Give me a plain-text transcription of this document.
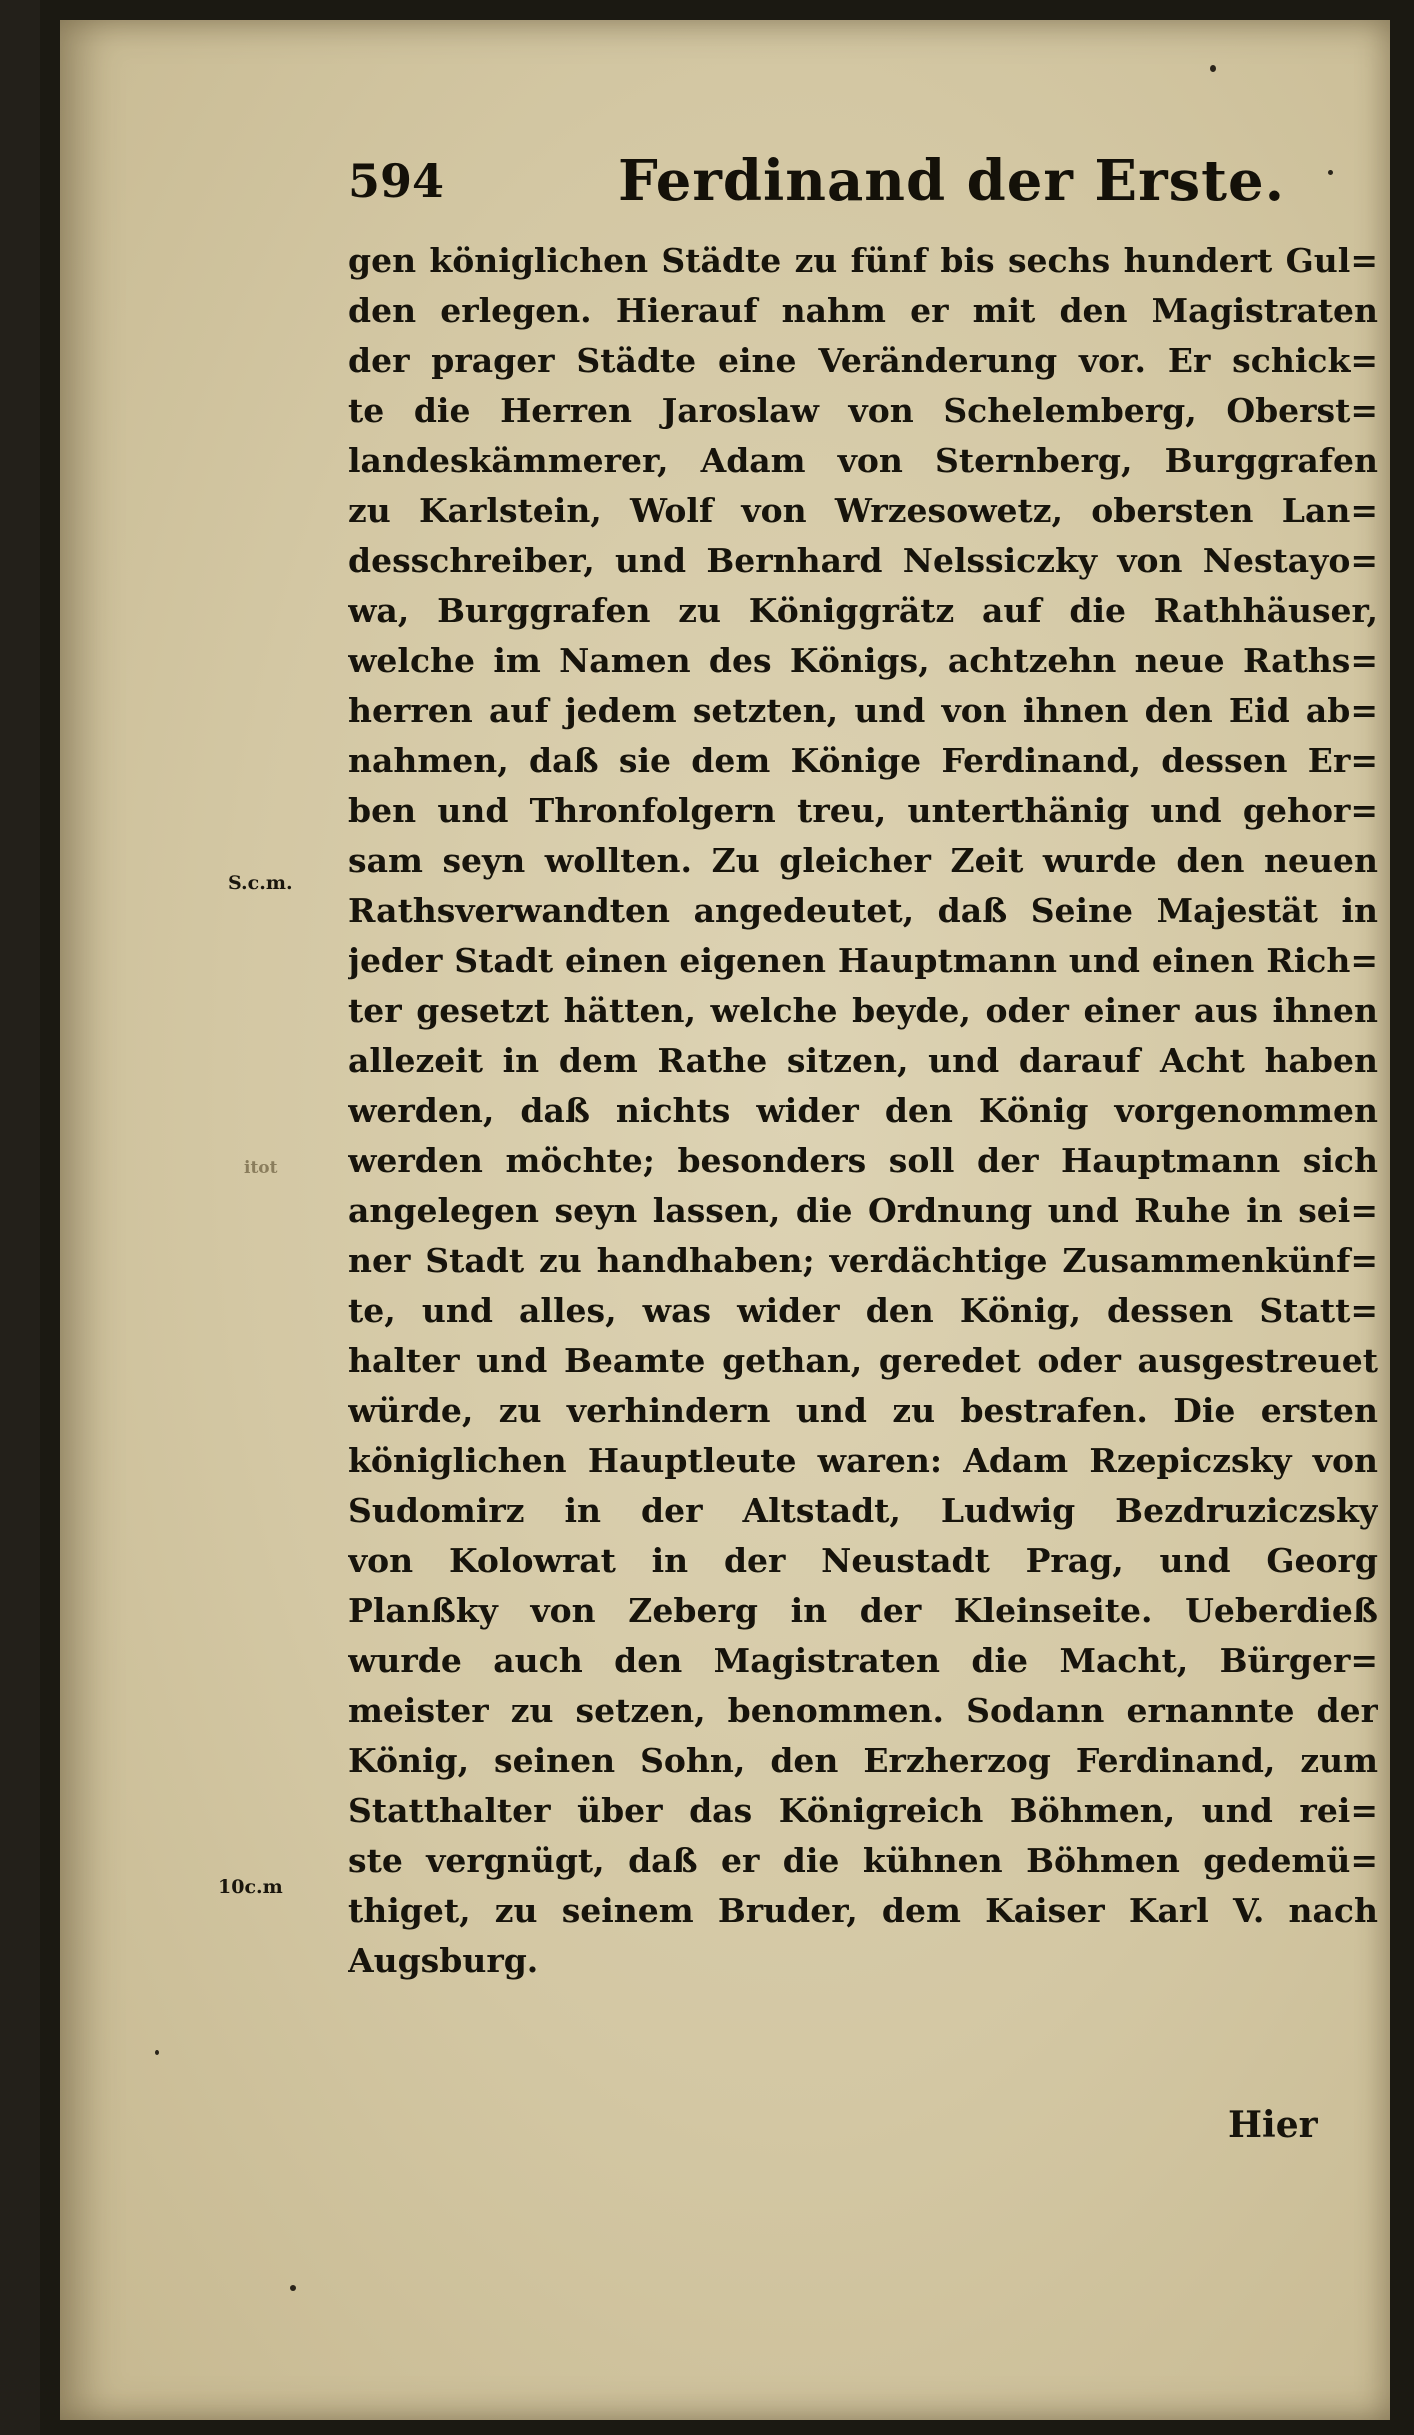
594	Ferdinand der Erste.
gen königlichen Städte zu fünf bis sechs hundert Gul=
den erlegen. Hierauf nahm er mit den Magistraten
der prager Städte eine Veränderung vor. Er schick=
te die Herren Jaroslaw von Schelemberg, Oberst=
landeskämmerer, Adam von Sternberg, Burggrafen
zu Karlstein, Wolf von Wrzesowetz, obersten Lan=
desschreiber, und Bernhard Nelssiczky von Nestayo=
wa, Burggrafen zu Königgrätz auf die Rathhäuser,
welche im Namen des Königs, achtzehn neue Raths=
herren auf jedem setzten, und von ihnen den Eid ab=
nahmen, daß sie dem Könige Ferdinand, dessen Er=
ben und Thronfolgern treu, unterthänig und gehor=
sam seyn wollten. Zu gleicher Zeit wurde den neuen
Rathsverwandten angedeutet, daß Seine Majestät in
jeder Stadt einen eigenen Hauptmann und einen Rich=
ter gesetzt hätten, welche beyde, oder einer aus ihnen
allezeit in dem Rathe sitzen, und darauf Acht haben
werden, daß nichts wider den König vorgenommen
werden möchte; besonders soll der Hauptmann sich
angelegen seyn lassen, die Ordnung und Ruhe in sei=
ner Stadt zu handhaben; verdächtige Zusammenkünf=
te, und alles, was wider den König, dessen Statt=
halter und Beamte gethan, geredet oder ausgestreuet
würde, zu verhindern und zu bestrafen. Die ersten
königlichen Hauptleute waren: Adam Rzepiczsky von
Sudomirz in der Altstadt, Ludwig Bezdruziczsky
von Kolowrat in der Neustadt Prag, und Georg
Planßky von Zeberg in der Kleinseite. Ueberdieß
wurde auch den Magistraten die Macht, Bürger=
meister zu setzen, benommen. Sodann ernannte der
König, seinen Sohn, den Erzherzog Ferdinand, zum
Statthalter über das Königreich Böhmen, und rei=
ste vergnügt, daß er die kühnen Böhmen gedemü=
thiget, zu seinem Bruder, dem Kaiser Karl V. nach
Augsburg.
S.c.m.
itot
10c.m
Hier
